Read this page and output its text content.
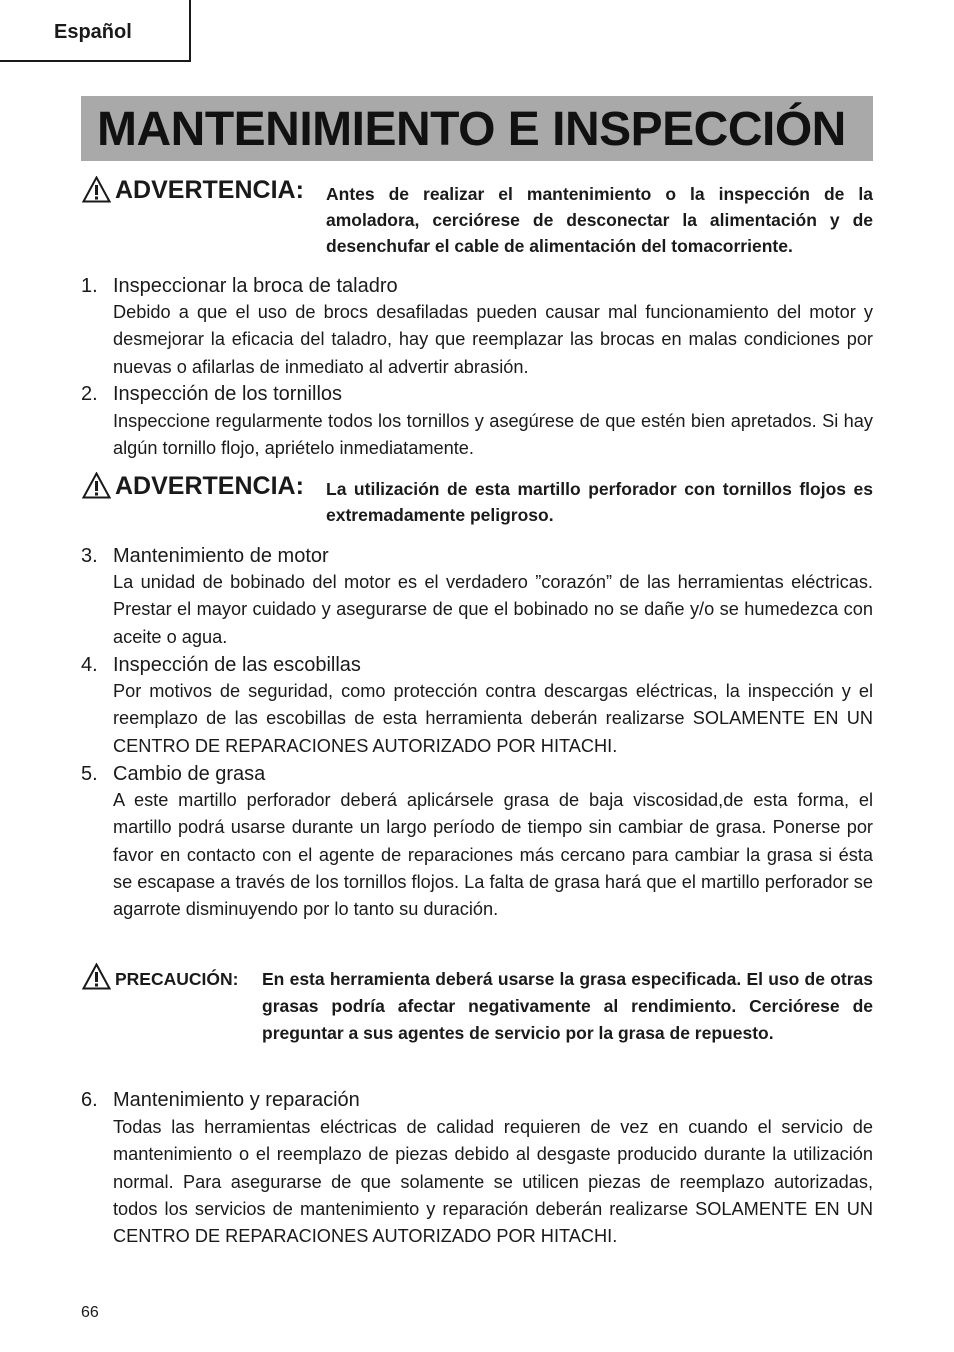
Español
MANTENIMIENTO E INSPECCIÓN
ADVERTENCIA: Antes de realizar el mantenimiento o la inspección de la amoladora, cerciórese de desconectar la alimentación y de desenchufar el cable de alimentación del tomacorriente.
1. Inspeccionar la broca de taladro
Debido a que el uso de brocs desafiladas pueden causar mal funcionamiento del motor y desmejorar la eficacia del taladro, hay que reemplazar las brocas en malas condiciones por nuevas o afilarlas de inmediato al advertir abrasión.
2. Inspección de los tornillos
Inspeccione regularmente todos los tornillos y asegúrese de que estén bien apretados. Si hay algún tornillo flojo, apriételo inmediatamente.
ADVERTENCIA: La utilización de esta martillo perforador con tornillos flojos es extremadamente peligroso.
3. Mantenimiento de motor
La unidad de bobinado del motor es el verdadero ”corazón” de las herramientas eléctricas. Prestar el mayor cuidado y asegurarse de que el bobinado no se dañe y/o se humedezca con aceite o agua.
4. Inspección de las escobillas
Por motivos de seguridad, como protección contra descargas eléctricas, la inspección y el reemplazo de las escobillas de esta herramienta deberán realizarse SOLAMENTE EN UN CENTRO DE REPARACIONES AUTORIZADO POR HITACHI.
5. Cambio de grasa
A este martillo perforador deberá aplicársele grasa de baja viscosidad,de esta forma, el martillo podrá usarse durante un largo período de tiempo sin cambiar de grasa. Ponerse por favor en contacto con el agente de reparaciones más cercano para cambiar la grasa si ésta se escapase a través de los tornillos flojos. La falta de grasa hará que el martillo perforador se agarrote disminuyendo por lo tanto su duración.
PRECAUCIÓN: En esta herramienta deberá usarse la grasa especificada. El uso de otras grasas podría afectar negativamente al rendimiento. Cerciórese de preguntar a sus agentes de servicio por la grasa de repuesto.
6. Mantenimiento y reparación
Todas las herramientas eléctricas de calidad requieren de vez en cuando el servicio de mantenimiento o el reemplazo de piezas debido al desgaste producido durante la utilización normal. Para asegurarse de que solamente se utilicen piezas de reemplazo autorizadas, todos los servicios de mantenimiento y reparación deberán realizarse SOLAMENTE EN UN CENTRO DE REPARACIONES AUTORIZADO POR HITACHI.
66
